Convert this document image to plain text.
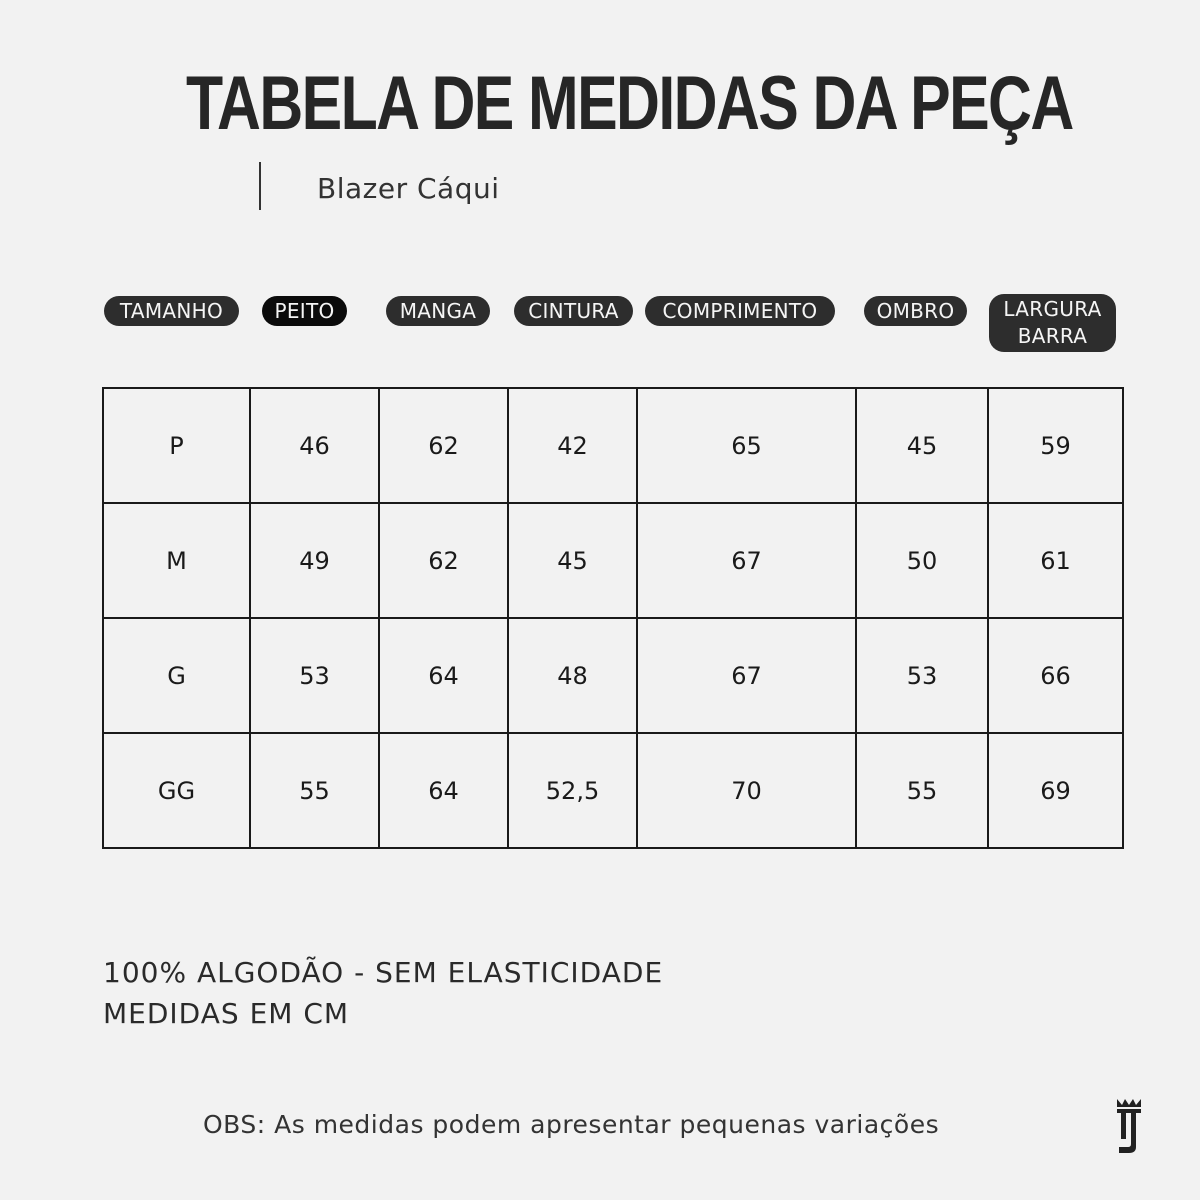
TABELA DE MEDIDAS DA PEÇA
Blazer Cáqui
TAMANHO	PEITO	MANGA	CINTURA	COMPRIMENTO	OMBRO	LARGURA
BARRA
P	46	62	42	65	45	59
M	49	62	45	67	50	61
G	53	64	48	67	53	66
GG	55	64	52,5	70	55	69
100% ALGODÃO - SEM ELASTICIDADE
MEDIDAS EM CM
OBS: As medidas podem apresentar pequenas variações
